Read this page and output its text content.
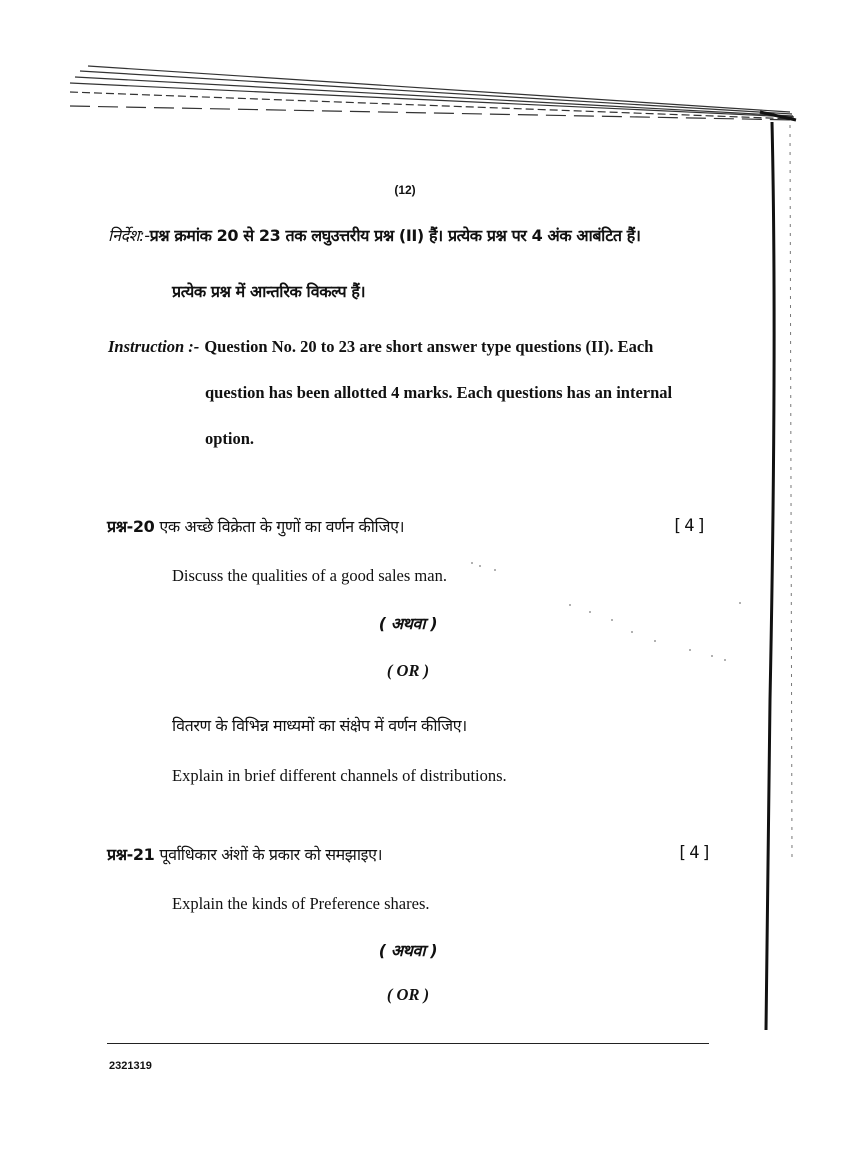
(12)
निर्देश:-प्रश्न क्रमांक 20 से 23 तक लघुउत्तरीय प्रश्न (II) हैं। प्रत्येक प्रश्न पर 4 अंक आबंटित हैं।
प्रत्येक प्रश्न में आन्तरिक विकल्प हैं।
Instruction :- Question No. 20 to 23 are short answer type questions (II). Each
question has been allotted 4 marks. Each questions has an internal
option.
प्रश्न-20 एक अच्छे विक्रेता के गुणों का वर्णन कीजिए।	[4]
Discuss the qualities of a good sales man.
( अथवा )
( OR )
वितरण के विभिन्न माध्यमों का संक्षेप में वर्णन कीजिए।
Explain in brief different channels of distributions.
प्रश्न-21 पूर्वाधिकार अंशों के प्रकार को समझाइए।	[4]
Explain the kinds of Preference shares.
( अथवा )
( OR )
2321319
